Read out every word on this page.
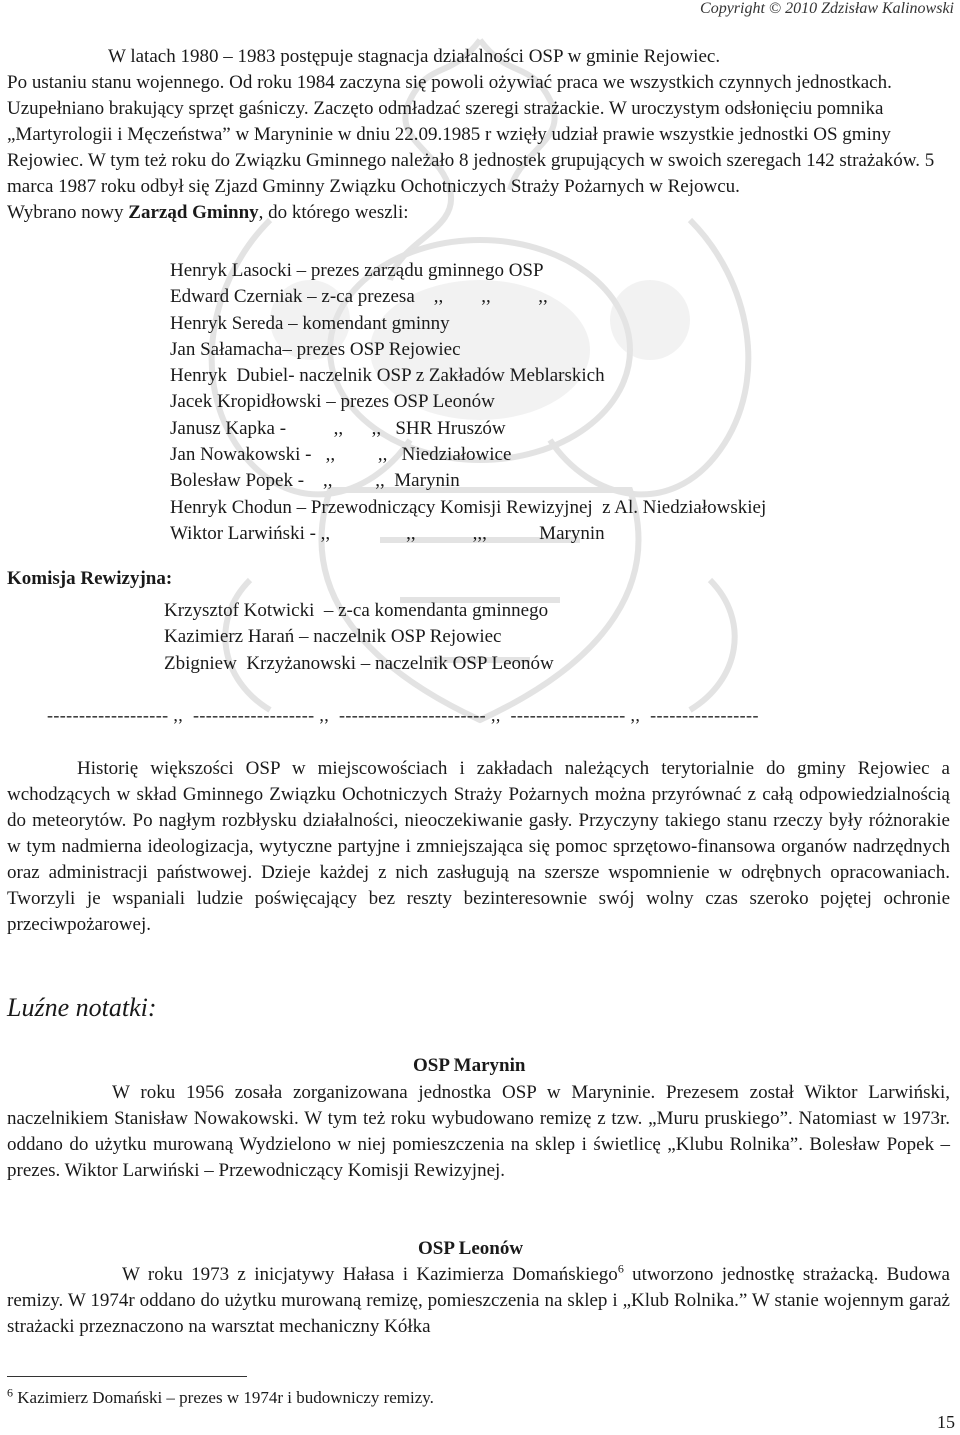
Copyright © 2010 Zdzisław Kalinowski
W latach 1980 – 1983 postępuje stagnacja działalności OSP w gminie Rejowiec.
Po ustaniu stanu wojennego. Od roku 1984 zaczyna się powoli ożywiać praca we wszystkich czynnych jednostkach. Uzupełniano brakujący sprzęt gaśniczy. Zaczęto odmładzać szeregi strażackie. W uroczystym odsłonięciu pomnika „Martyrologii i Męczeństwa” w Maryninie w dniu 22.09.1985 r wzięły udział prawie wszystkie jednostki OS gminy Rejowiec. W tym też roku do Związku Gminnego należało 8 jednostek grupujących w swoich szeregach 142 strażaków. 5 marca 1987 roku odbył się Zjazd Gminny Związku Ochotniczych Straży Pożarnych w Rejowcu.
Wybrano nowy Zarząd Gminny, do którego weszli:
Henryk Lasocki – prezes zarządu gminnego OSP
Edward Czerniak – z-ca prezesa    ,,        ,,          ,,
Henryk Sereda – komendant gminny
Jan Sałamacha– prezes OSP Rejowiec
Henryk  Dubiel- naczelnik OSP z Zakładów Meblarskich
Jacek Kropidłowski – prezes OSP Leonów
Janusz Kapka -          ,,      ,,   SHR Hruszów
Jan Nowakowski -   ,,         ,,   Niedziałowice
Bolesław Popek -    ,,         ,,  Marynin
Henryk Chodun – Przewodniczący Komisji Rewizyjnej  z Al. Niedziałowskiej
Wiktor Larwiński - ,,                ,,            ,,,           Marynin
Komisja Rewizyjna:
Krzysztof Kotwicki  – z-ca komendanta gminnego
Kazimierz Harań – naczelnik OSP Rejowiec
Zbigniew  Krzyżanowski – naczelnik OSP Leonów
------------------- ,,  ------------------- ,,  ----------------------- ,,  ------------------ ,,  -----------------
Historię większości OSP w miejscowościach i zakładach należących terytorialnie do gminy Rejowiec a wchodzących w skład Gminnego Związku Ochotniczych Straży Pożarnych można przyrównać z całą odpowiedzialnością do meteorytów. Po nagłym rozbłysku działalności, nieoczekiwanie gasły. Przyczyny takiego stanu rzeczy były różnorakie w tym nadmierna ideologizacja, wytyczne partyjne i zmniejszająca się pomoc sprzętowo-finansowa organów nadrzędnych oraz administracji państwowej. Dzieje każdej z nich zasługują na szersze wspomnienie w odrębnych opracowaniach. Tworzyli je wspaniali ludzie poświęcający bez reszty bezinteresownie swój wolny czas szeroko pojętej ochronie przeciwpożarowej.
Luźne notatki:
OSP Marynin
W roku 1956 zosała zorganizowana jednostka OSP w Maryninie. Prezesem został Wiktor Larwiński, naczelnikiem Stanisław Nowakowski. W tym też roku wybudowano remizę z tzw. „Muru pruskiego”. Natomiast w 1973r. oddano do użytku murowaną Wydzielono w niej pomieszczenia na sklep i świetlicę „Klubu Rolnika”. Bolesław Popek – prezes. Wiktor Larwiński – Przewodniczący Komisji Rewizyjnej.
OSP Leonów
W roku 1973 z inicjatywy Hałasa i Kazimierza Domańskiego$^6$ utworzono jednostkę strażacką. Budowa remizy. W 1974r oddano do użytku murowaną remizę, pomieszczenia na sklep i „Klub Rolnika.” W stanie wojennym garaż strażacki przeznaczono na warsztat mechaniczny Kółka
$^6$ Kazimierz Domański – prezes w 1974r i budowniczy remizy.
15
